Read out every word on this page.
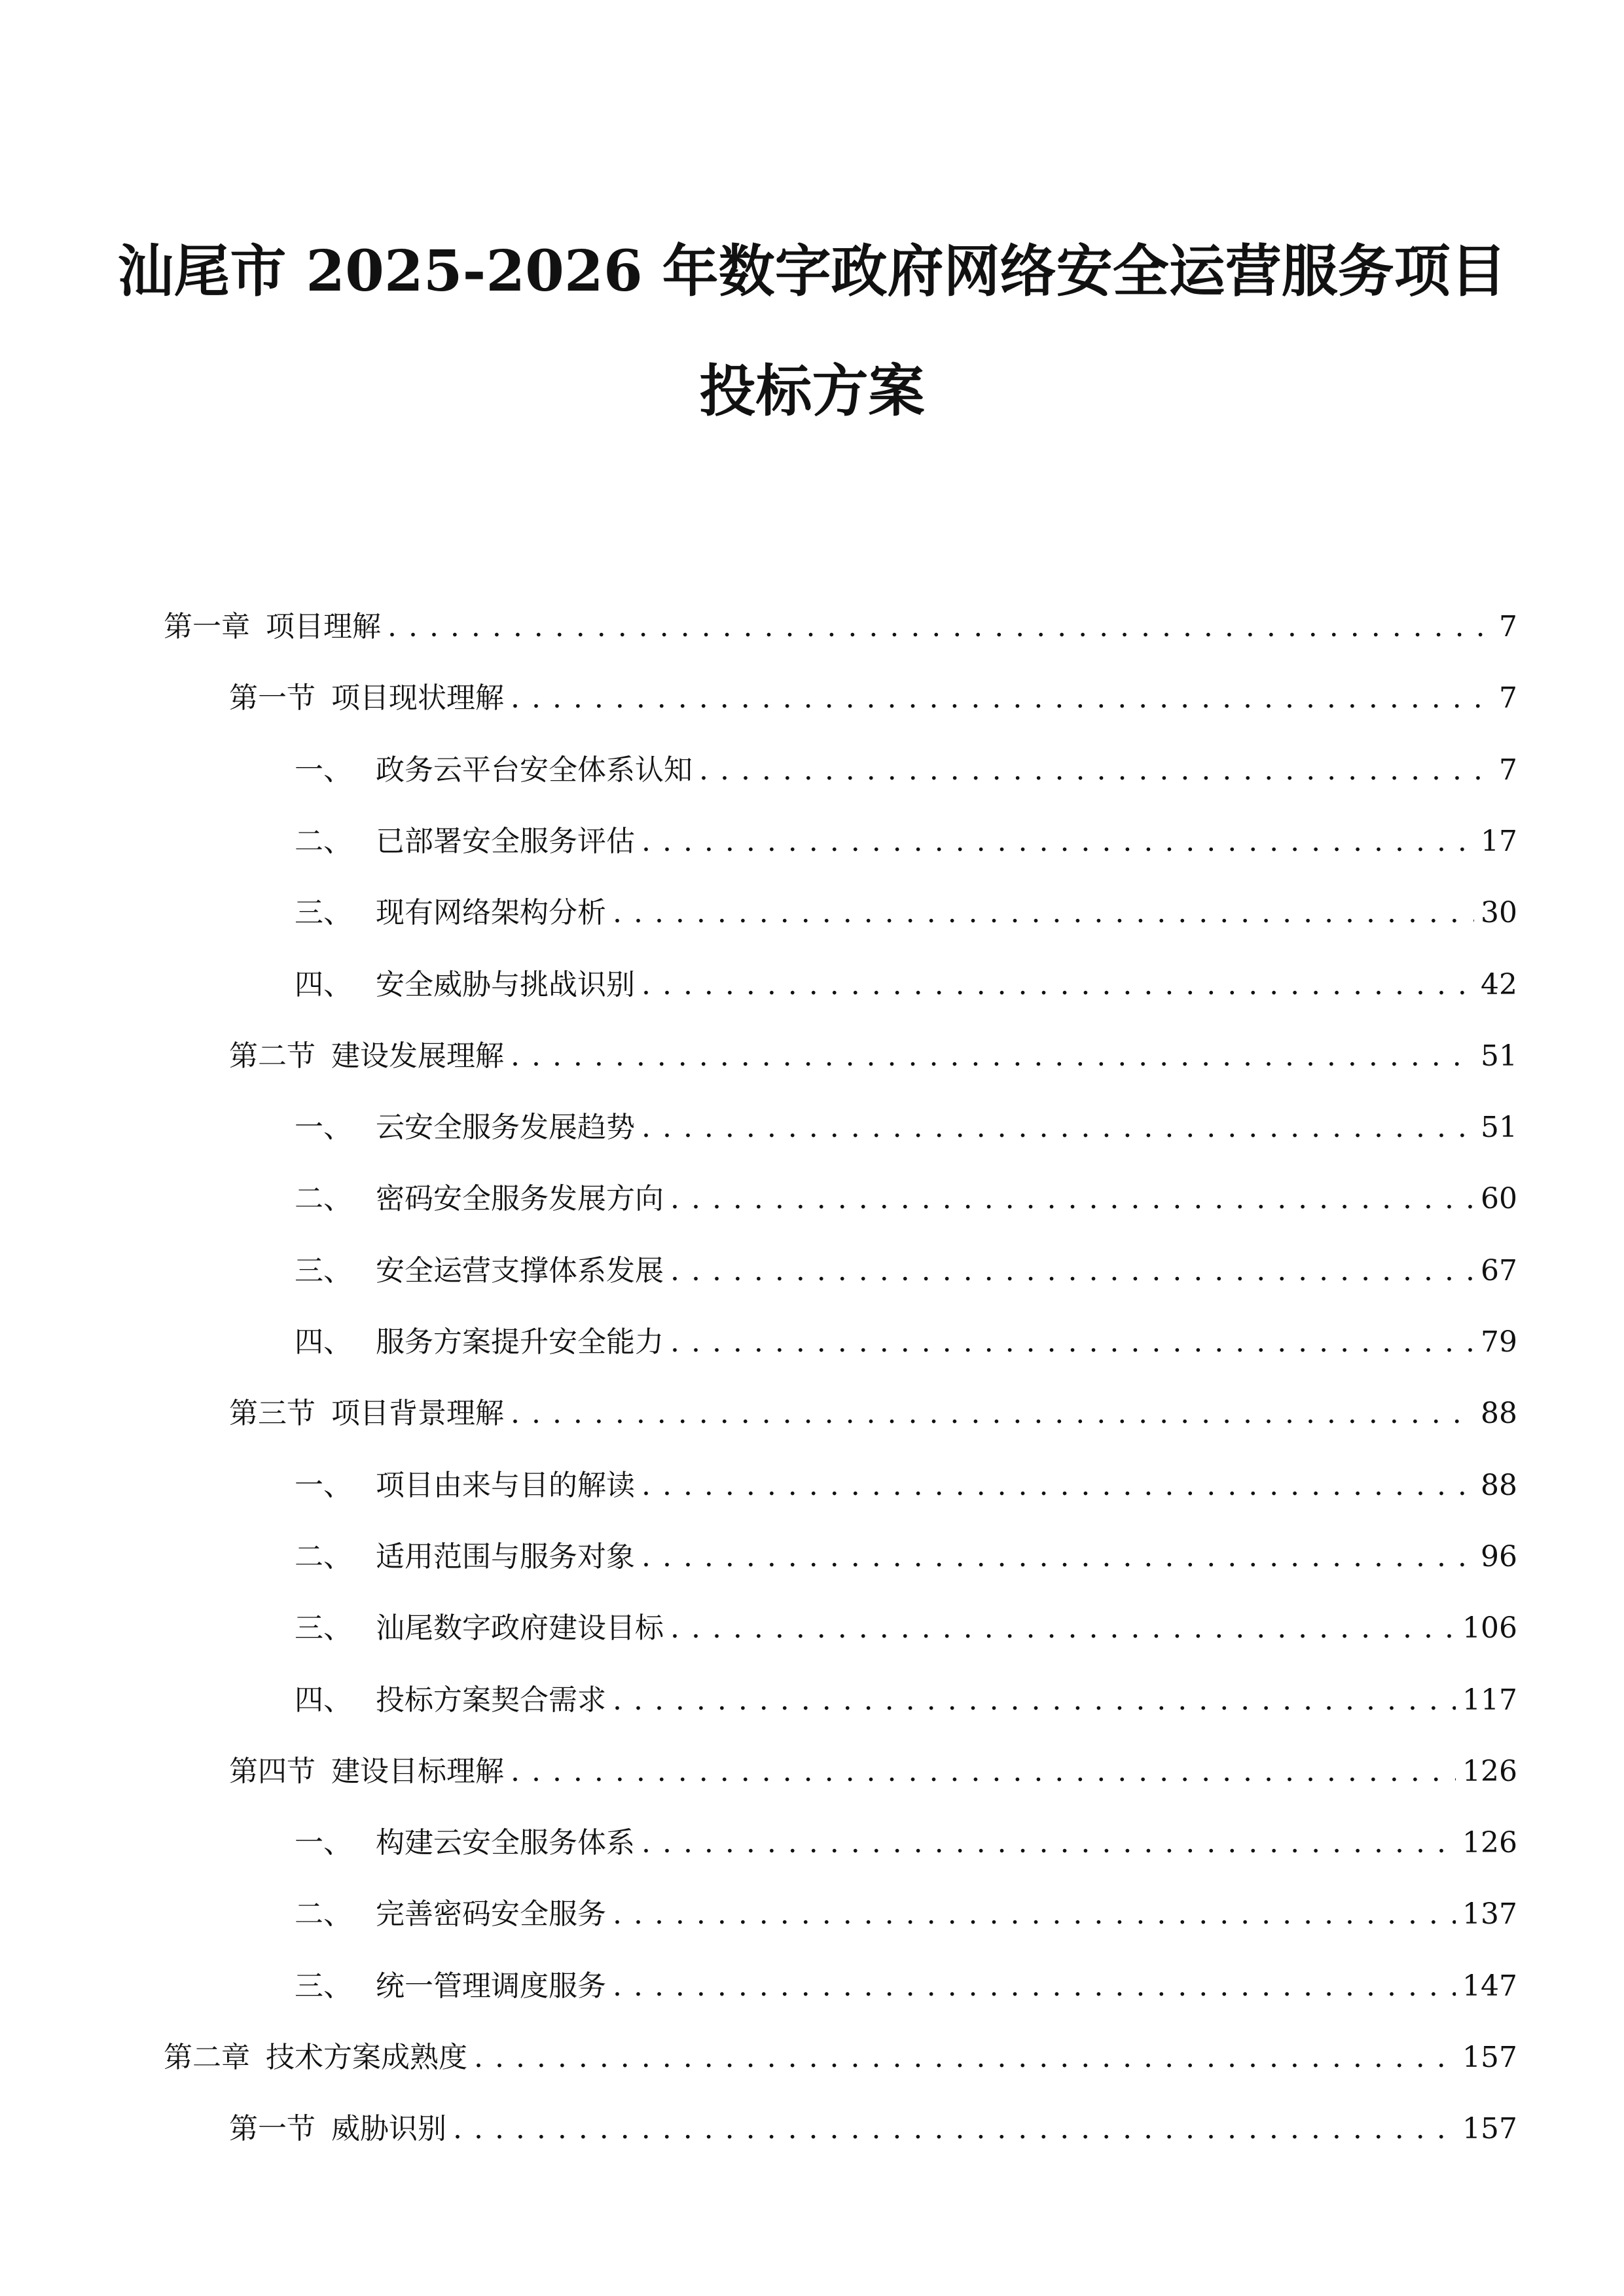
汕尾市 2025-2026 年数字政府网络安全运营服务项目
投标方案
第一章 项目理解 . . .	7
第一节 项目现状理解 . . .	7
一、 政务云平台安全体系认知 . . .	7
二、 已部署安全服务评估 . . .	17
三、 现有网络架构分析 . . .	30
四、 安全威胁与挑战识别 . . .	42
第二节 建设发展理解 . . .	51
一、 云安全服务发展趋势 . . .	51
二、 密码安全服务发展方向 . . .	60
三、 安全运营支撑体系发展 . . .	67
四、 服务方案提升安全能力 . . .	79
第三节 项目背景理解 . . .	88
一、 项目由来与目的解读 . . .	88
二、 适用范围与服务对象 . . .	96
三、 汕尾数字政府建设目标 . . .	106
四、 投标方案契合需求 . . .	117
第四节 建设目标理解 . . .	126
一、 构建云安全服务体系 . . .	126
二、 完善密码安全服务 . . .	137
三、 统一管理调度服务 . . .	147
第二章 技术方案成熟度 . . .	157
第一节 威胁识别 . . .	157
